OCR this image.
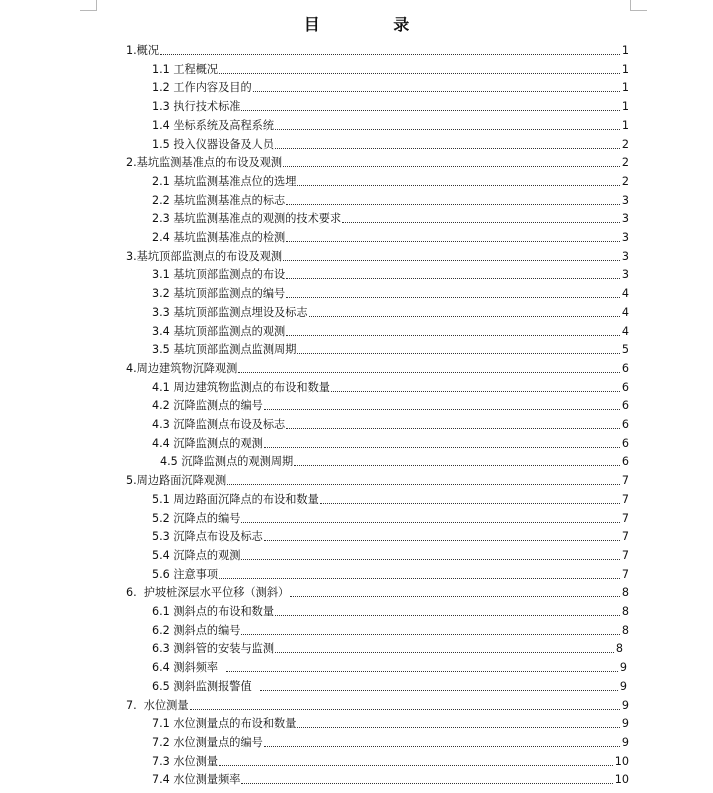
目 录
1.概况	1
1.1 工程概况	1
1.2 工作内容及目的	1
1.3 执行技术标准	1
1.4 坐标系统及高程系统	1
1.5 投入仪器设备及人员	2
2.基坑监测基准点的布设及观测	2
2.1 基坑监测基准点位的选埋	2
2.2 基坑监测基准点的标志	3
2.3 基坑监测基准点的观测的技术要求	3
2.4 基坑监测基准点的检测	3
3.基坑顶部监测点的布设及观测	3
3.1 基坑顶部监测点的布设	3
3.2 基坑顶部监测点的编号	4
3.3 基坑顶部监测点埋设及标志	4
3.4 基坑顶部监测点的观测	4
3.5 基坑顶部监测点监测周期	5
4.周边建筑物沉降观测	6
4.1 周边建筑物监测点的布设和数量	6
4.2 沉降监测点的编号	6
4.3 沉降监测点布设及标志	6
4.4 沉降监测点的观测	6
4.5 沉降监测点的观测周期	6
5.周边路面沉降观测	7
5.1 周边路面沉降点的布设和数量	7
5.2 沉降点的编号	7
5.3 沉降点布设及标志	7
5.4 沉降点的观测	7
5.6 注意事项	7
6.  护坡桩深层水平位移（测斜）	8
6.1 测斜点的布设和数量	8
6.2 测斜点的编号	8
6.3 测斜管的安装与监测	8
6.4 测斜频率	9
6.5 测斜监测报警值	9
7.  水位测量	9
7.1 水位测量点的布设和数量	9
7.2 水位测量点的编号	9
7.3 水位测量	10
7.4 水位测量频率	10
